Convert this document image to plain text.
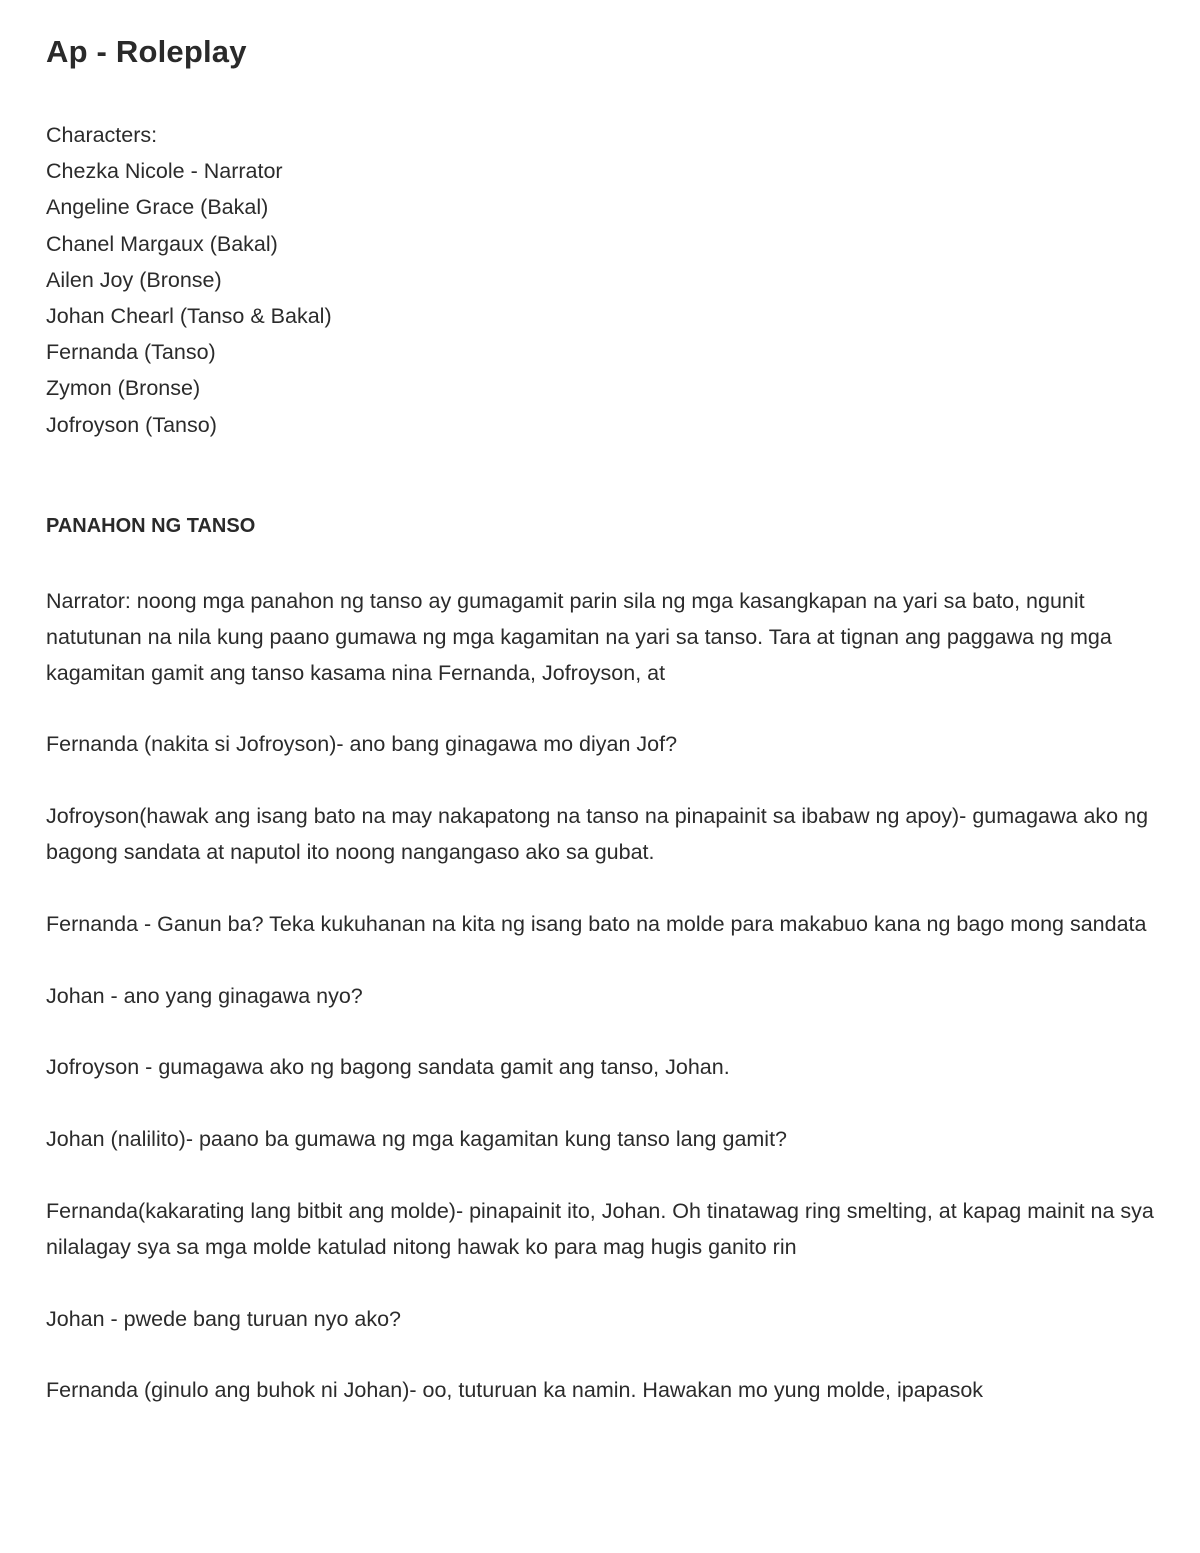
Ap - Roleplay
Characters:
Chezka Nicole - Narrator
Angeline Grace (Bakal)
Chanel Margaux (Bakal)
Ailen Joy (Bronse)
Johan Chearl (Tanso & Bakal)
Fernanda (Tanso)
Zymon (Bronse)
Jofroyson (Tanso)
PANAHON NG TANSO

Narrator: noong mga panahon ng tanso ay gumagamit parin sila ng mga kasangkapan na yari sa bato, ngunit natutunan na nila kung paano gumawa ng mga kagamitan na yari sa tanso. Tara at tignan ang paggawa ng mga kagamitan gamit ang tanso kasama nina Fernanda, Jofroyson, at

Fernanda (nakita si Jofroyson)- ano bang ginagawa mo diyan Jof?

Jofroyson(hawak ang isang bato na may nakapatong na tanso na pinapainit sa ibabaw ng apoy)- gumagawa ako ng bagong sandata at naputol ito noong nangangaso ako sa gubat.

Fernanda - Ganun ba? Teka kukuhanan na kita ng isang bato na molde para makabuo kana ng bago mong sandata

Johan - ano yang ginagawa nyo?

Jofroyson - gumagawa ako ng bagong sandata gamit ang tanso, Johan.

Johan (nalilito)- paano ba gumawa ng mga kagamitan kung tanso lang gamit?

Fernanda(kakarating lang bitbit ang molde)- pinapainit ito, Johan. Oh tinatawag ring smelting, at kapag mainit na sya nilalagay sya sa mga molde katulad nitong hawak ko para mag hugis ganito rin

Johan - pwede bang turuan nyo ako?

Fernanda (ginulo ang buhok ni Johan)- oo, tuturuan ka namin. Hawakan mo yung molde, ipapasok
